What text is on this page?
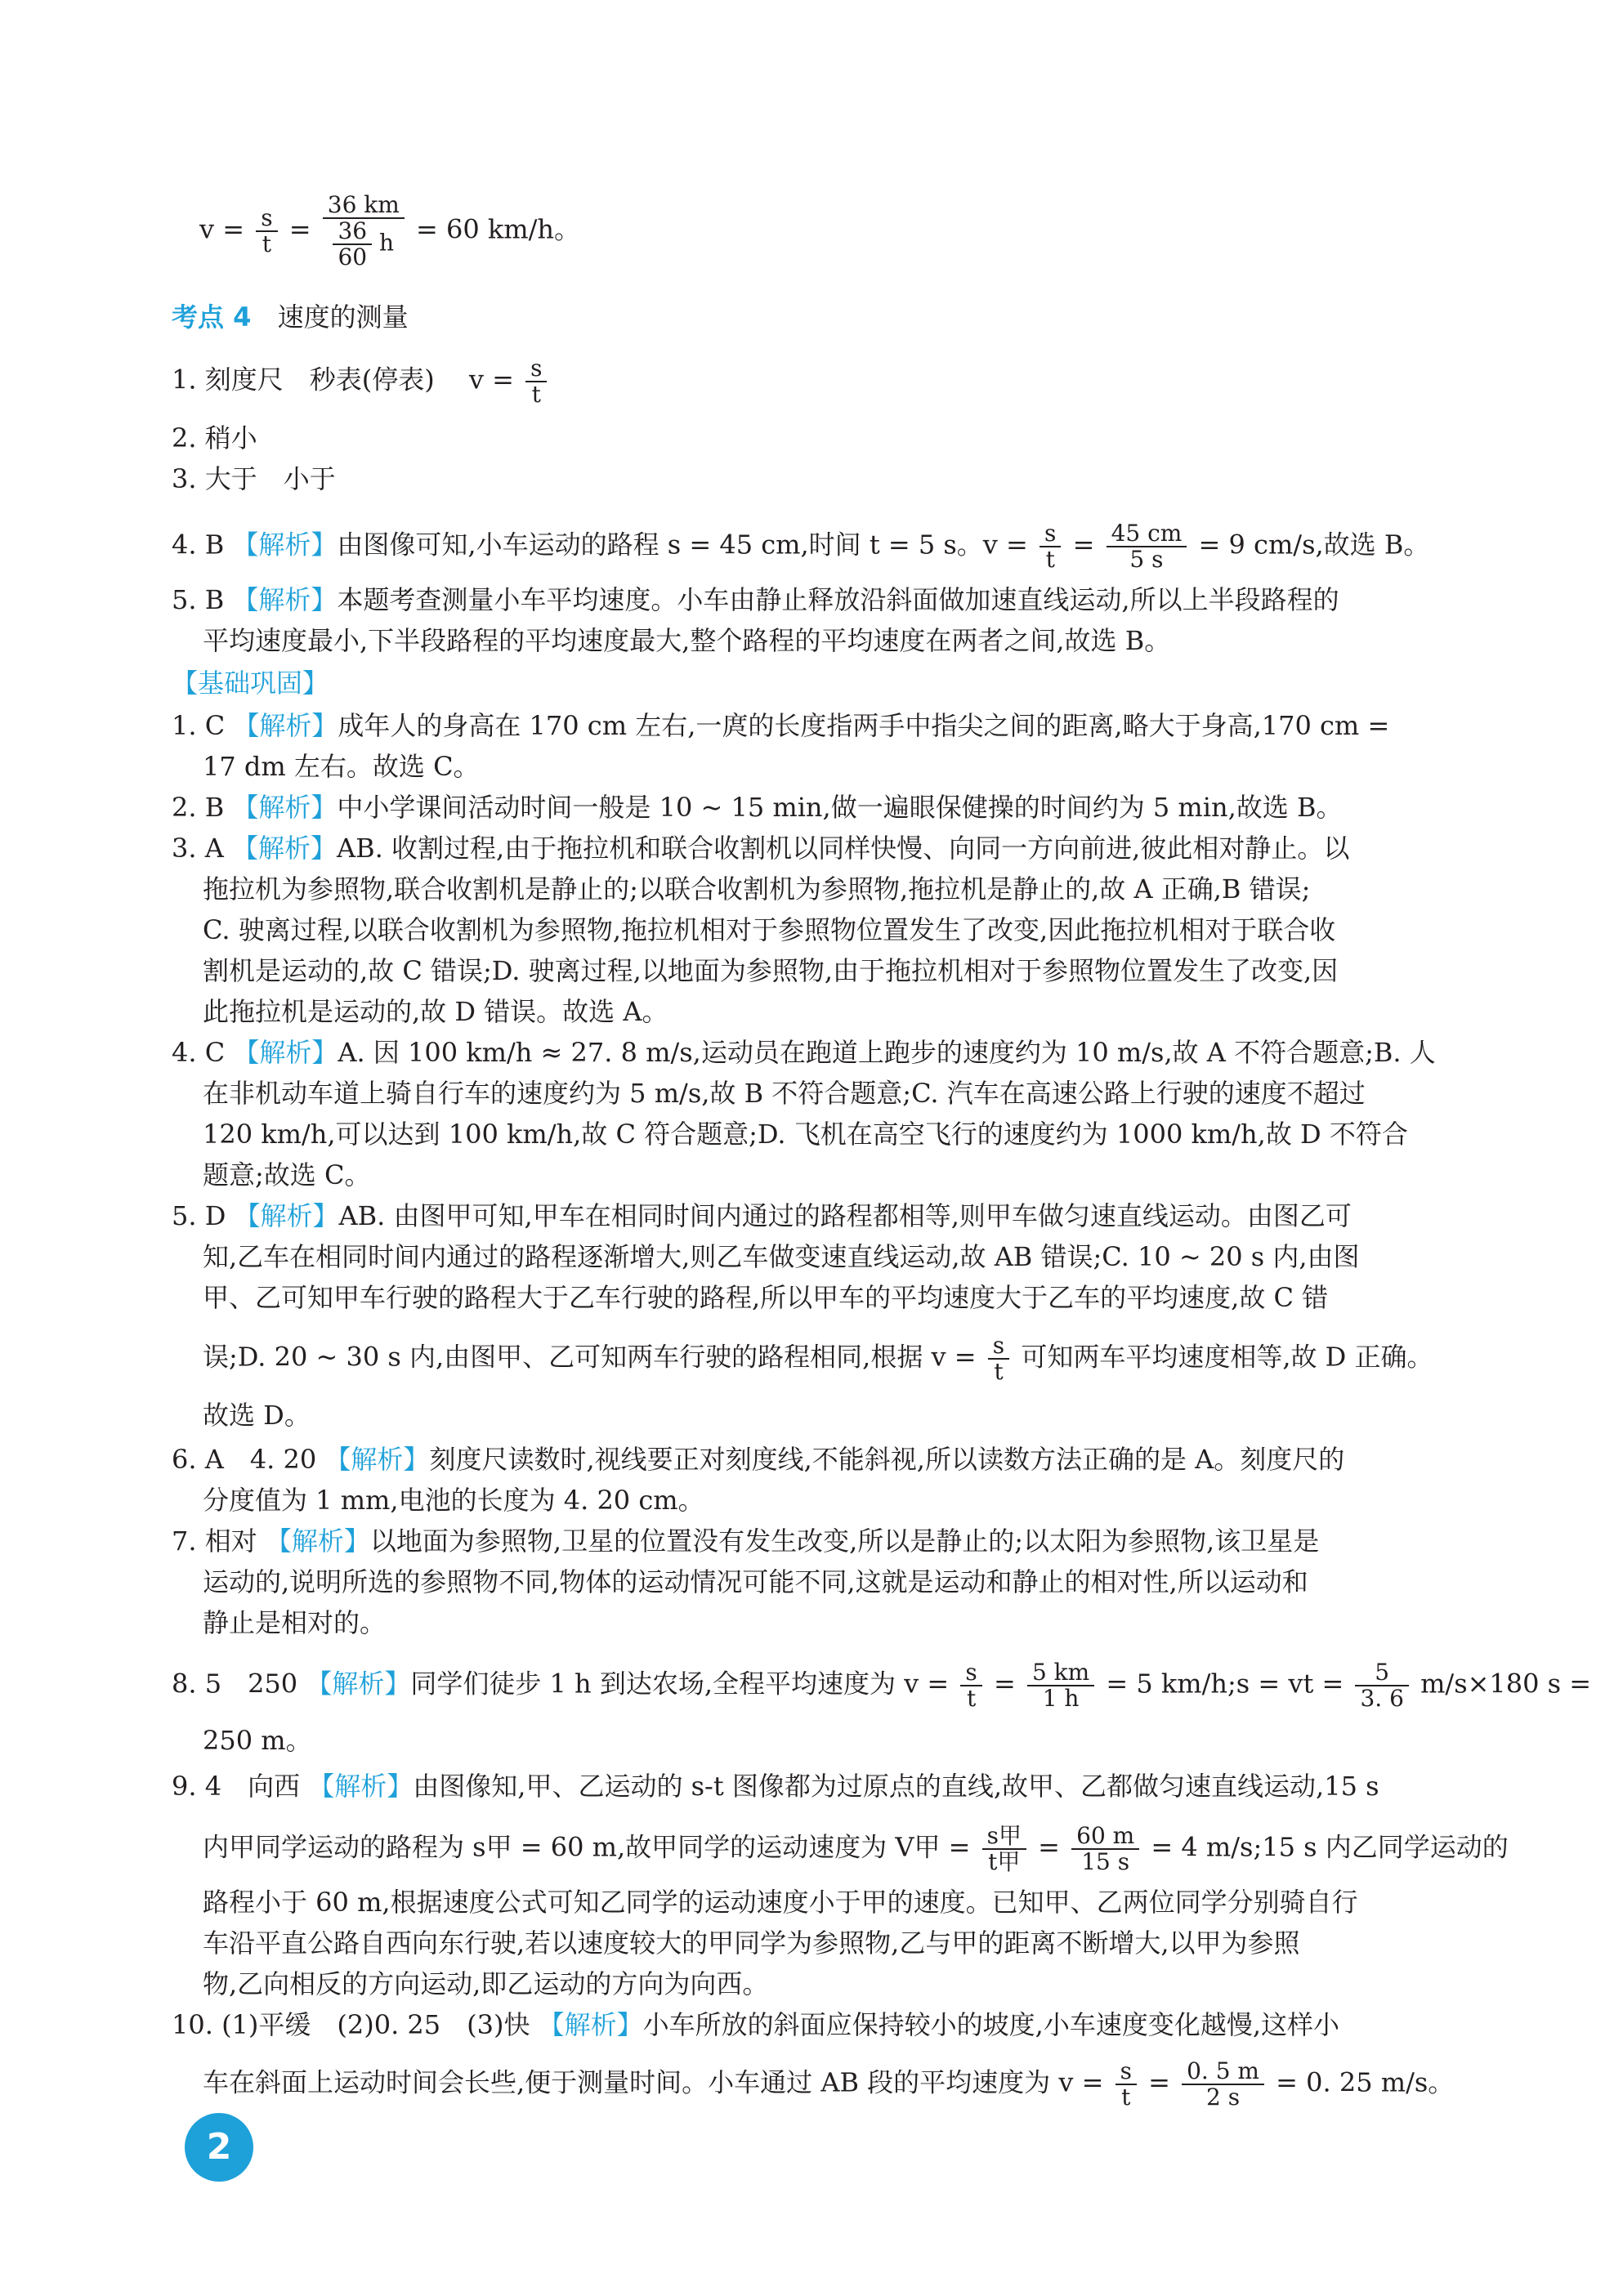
$v = \frac{s}{t} = \frac{36 km}{\frac{36}{60} h} = 60$ km/h。
考点 4 速度的测量
1. 刻度尺　秒表(停表)　 $v = \frac{s}{t}$
2. 稍小
3. 大于　小于
4. B 【解析】由图像可知,小车运动的路程 s = 45 cm,时间 t = 5 s。$v = \frac{s}{t} = \frac{45 cm}{5 s} = 9$ cm/s,故选 B。
5. B 【解析】本题考查测量小车平均速度。小车由静止释放沿斜面做加速直线运动,所以上半段路程的
平均速度最小,下半段路程的平均速度最大,整个路程的平均速度在两者之间,故选 B。
【基础巩固】
1. C 【解析】成年人的身高在 170 cm 左右,一庹的长度指两手中指尖之间的距离,略大于身高,170 cm =
17 dm 左右。故选 C。
2. B 【解析】中小学课间活动时间一般是 10 ~ 15 min,做一遍眼保健操的时间约为 5 min,故选 B。
3. A 【解析】AB. 收割过程,由于拖拉机和联合收割机以同样快慢、向同一方向前进,彼此相对静止。以
拖拉机为参照物,联合收割机是静止的;以联合收割机为参照物,拖拉机是静止的,故 A 正确,B 错误;
C. 驶离过程,以联合收割机为参照物,拖拉机相对于参照物位置发生了改变,因此拖拉机相对于联合收
割机是运动的,故 C 错误;D. 驶离过程,以地面为参照物,由于拖拉机相对于参照物位置发生了改变,因
此拖拉机是运动的,故 D 错误。故选 A。
4. C 【解析】A. 因 100 km/h ≈ 27. 8 m/s,运动员在跑道上跑步的速度约为 10 m/s,故 A 不符合题意;B. 人
在非机动车道上骑自行车的速度约为 5 m/s,故 B 不符合题意;C. 汽车在高速公路上行驶的速度不超过
120 km/h,可以达到 100 km/h,故 C 符合题意;D. 飞机在高空飞行的速度约为 1000 km/h,故 D 不符合
题意;故选 C。
5. D 【解析】AB. 由图甲可知,甲车在相同时间内通过的路程都相等,则甲车做匀速直线运动。由图乙可
知,乙车在相同时间内通过的路程逐渐增大,则乙车做变速直线运动,故 AB 错误;C. 10 ~ 20 s 内,由图
甲、乙可知甲车行驶的路程大于乙车行驶的路程,所以甲车的平均速度大于乙车的平均速度,故 C 错
误;D. 20 ~ 30 s 内,由图甲、乙可知两车行驶的路程相同,根据 $v = \frac{s}{t}$ 可知两车平均速度相等,故 D 正确。
故选 D。
6. A　4. 20 【解析】刻度尺读数时,视线要正对刻度线,不能斜视,所以读数方法正确的是 A。刻度尺的
分度值为 1 mm,电池的长度为 4. 20 cm。
7. 相对 【解析】以地面为参照物,卫星的位置没有发生改变,所以是静止的;以太阳为参照物,该卫星是
运动的,说明所选的参照物不同,物体的运动情况可能不同,这就是运动和静止的相对性,所以运动和
静止是相对的。
8. 5　250 【解析】同学们徒步 1 h 到达农场,全程平均速度为 $v = \frac{s}{t} = \frac{5 km}{1 h} = 5$ km/h;s = vt = $\frac{5}{3. 6} m/s\times 180$ s =
250 m。
9. 4　向西 【解析】由图像知,甲、乙运动的 s-t 图像都为过原点的直线,故甲、乙都做匀速直线运动,15 s
内甲同学运动的路程为 s甲 = 60 m,故甲同学的运动速度为 V甲 = $\frac{\text{s甲}}{\text{t甲}} = \frac{60 m}{15 s} = 4$ m/s;15 s 内乙同学运动的
路程小于 60 m,根据速度公式可知乙同学的运动速度小于甲的速度。已知甲、乙两位同学分别骑自行
车沿平直公路自西向东行驶,若以速度较大的甲同学为参照物,乙与甲的距离不断增大,以甲为参照
物,乙向相反的方向运动,即乙运动的方向为向西。
10. (1)平缓　(2)0. 25　(3)快 【解析】小车所放的斜面应保持较小的坡度,小车速度变化越慢,这样小
车在斜面上运动时间会长些,便于测量时间。小车通过 AB 段的平均速度为 $v = \frac{s}{t} = \frac{0. 5 m}{2 s} = 0$. 25 m/s。
2
